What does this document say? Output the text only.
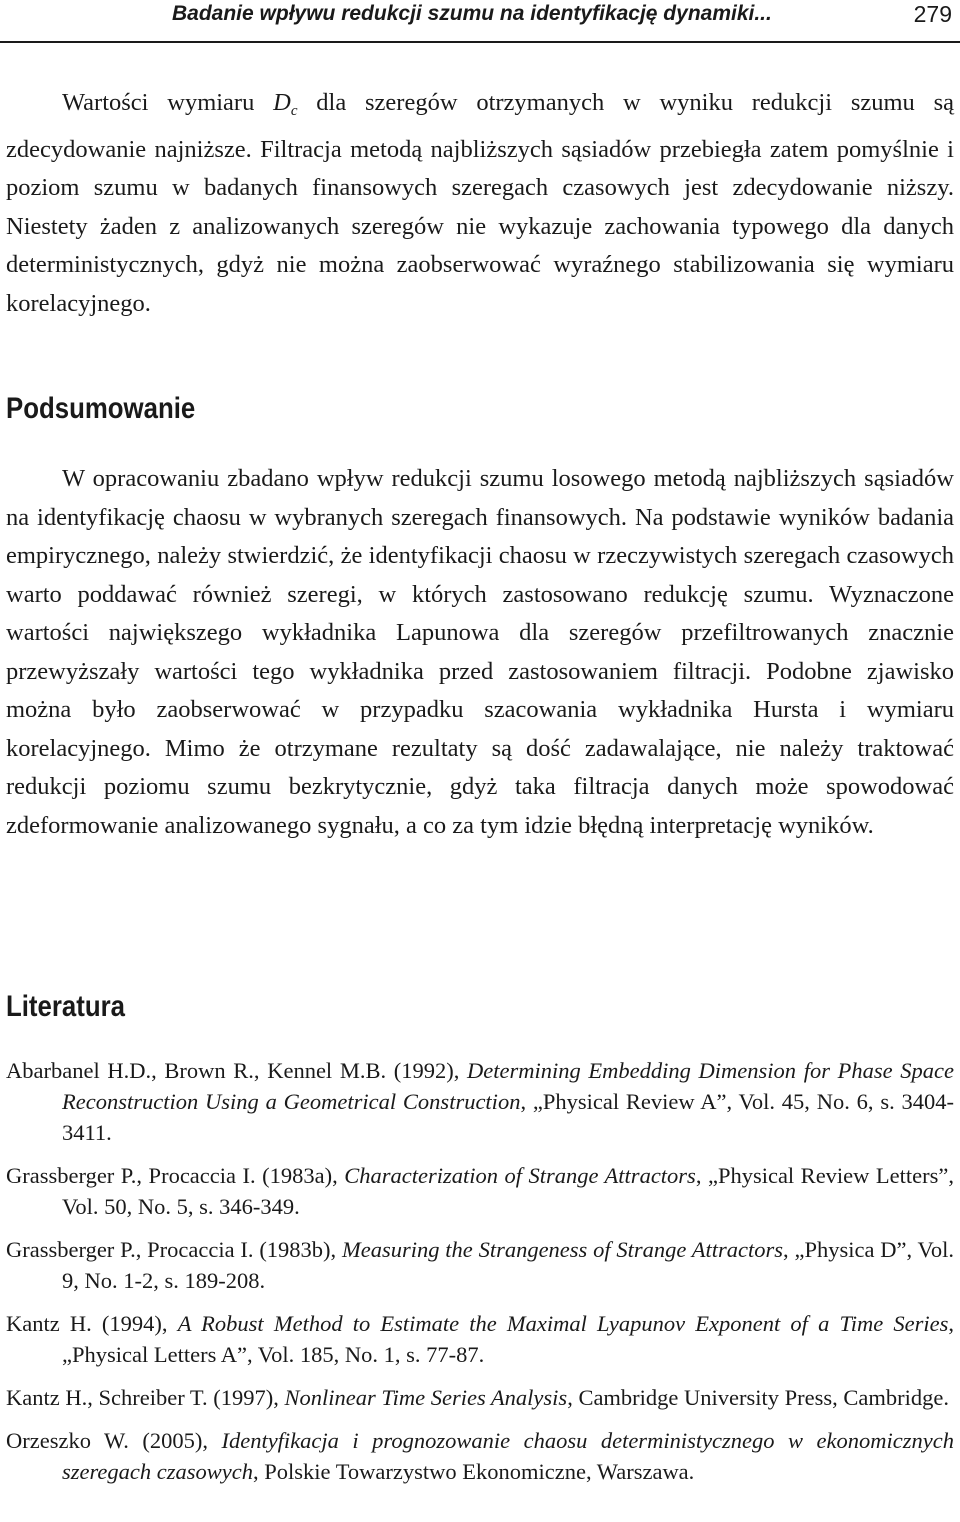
Badanie wpływu redukcji szumu na identyfikację dynamiki...	279

Wartości wymiaru $D_c$ dla szeregów otrzymanych w wyniku redukcji szumu są zdecydowanie najniższe. Filtracja metodą najbliższych sąsiadów przebiegła zatem pomyślnie i poziom szumu w badanych finansowych szeregach czasowych jest zdecydowanie niższy. Niestety żaden z analizowanych szeregów nie wykazuje zachowania typowego dla danych deterministycznych, gdyż nie można zaobserwować wyraźnego stabilizowania się wymiaru korelacyjnego.

Podsumowanie

W opracowaniu zbadano wpływ redukcji szumu losowego metodą najbliższych sąsiadów na identyfikację chaosu w wybranych szeregach finansowych. Na podstawie wyników badania empirycznego, należy stwierdzić, że identyfikacji chaosu w rzeczywistych szeregach czasowych warto poddawać również szeregi, w których zastosowano redukcję szumu. Wyznaczone wartości największego wykładnika Lapunowa dla szeregów przefiltrowanych znacznie przewyższały wartości tego wykładnika przed zastosowaniem filtracji. Podobne zjawisko można było zaobserwować w przypadku szacowania wykładnika Hursta i wymiaru korelacyjnego. Mimo że otrzymane rezultaty są dość zadawalające, nie należy traktować redukcji poziomu szumu bezkrytycznie, gdyż taka filtracja danych może spowodować zdeformowanie analizowanego sygnału, a co za tym idzie błędną interpretację wyników.

Literatura
Abarbanel H.D., Brown R., Kennel M.B. (1992), Determining Embedding Dimension for Phase Space Reconstruction Using a Geometrical Construction, „Physical Review A”, Vol. 45, No. 6, s. 3404-3411.
Grassberger P., Procaccia I. (1983a), Characterization of Strange Attractors, „Physical Review Letters”, Vol. 50, No. 5, s. 346-349.
Grassberger P., Procaccia I. (1983b), Measuring the Strangeness of Strange Attractors, „Physica D”, Vol. 9, No. 1-2, s. 189-208.
Kantz H. (1994), A Robust Method to Estimate the Maximal Lyapunov Exponent of a Time Series, „Physical Letters A”, Vol. 185, No. 1, s. 77-87.
Kantz H., Schreiber T. (1997), Nonlinear Time Series Analysis, Cambridge University Press, Cambridge.
Orzeszko W. (2005), Identyfikacja i prognozowanie chaosu deterministycznego w ekonomicznych szeregach czasowych, Polskie Towarzystwo Ekonomiczne, Warszawa.
